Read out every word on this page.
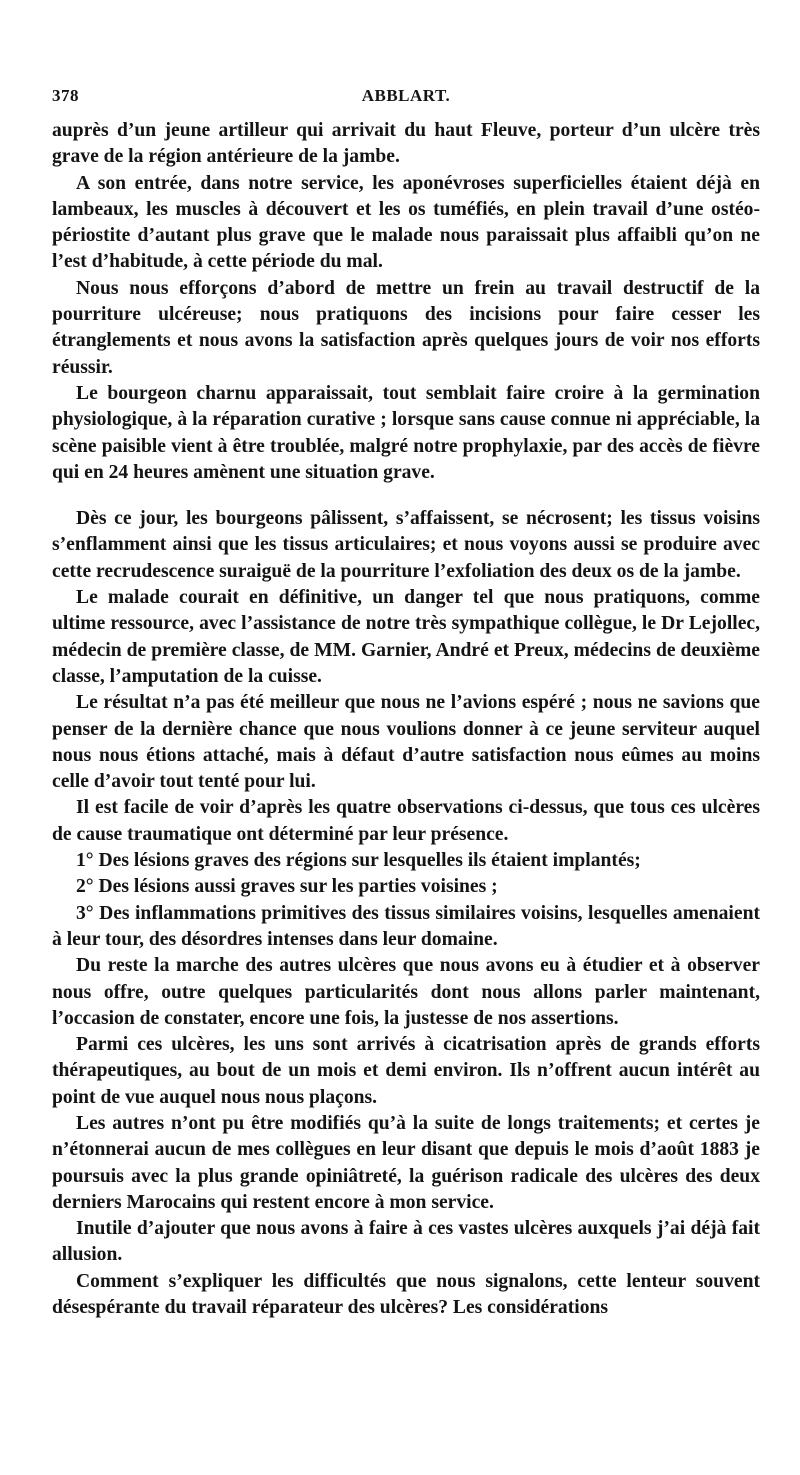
378	ABBLART.

auprès d’un jeune artilleur qui arrivait du haut Fleuve, porteur d’un ulcère très grave de la région antérieure de la jambe.

A son entrée, dans notre service, les aponévroses superficielles étaient déjà en lambeaux, les muscles à découvert et les os tuméfiés, en plein travail d’une ostéo-périostite d’autant plus grave que le malade nous paraissait plus affaibli qu’on ne l’est d’habitude, à cette période du mal.

Nous nous efforçons d’abord de mettre un frein au travail destructif de la pourriture ulcéreuse; nous pratiquons des incisions pour faire cesser les étranglements et nous avons la satisfaction après quelques jours de voir nos efforts réussir.

Le bourgeon charnu apparaissait, tout semblait faire croire à la germination physiologique, à la réparation curative ; lorsque sans cause connue ni appréciable, la scène paisible vient à être troublée, malgré notre prophylaxie, par des accès de fièvre qui en 24 heures amènent une situation grave.

Dès ce jour, les bourgeons pâlissent, s’affaissent, se nécrosent; les tissus voisins s’enflamment ainsi que les tissus articulaires; et nous voyons aussi se produire avec cette recrudescence suraiguë de la pourriture l’exfoliation des deux os de la jambe.

Le malade courait en définitive, un danger tel que nous pratiquons, comme ultime ressource, avec l’assistance de notre très sympathique collègue, le Dr Lejollec, médecin de première classe, de MM. Garnier, André et Preux, médecins de deuxième classe, l’amputation de la cuisse.

Le résultat n’a pas été meilleur que nous ne l’avions espéré ; nous ne savions que penser de la dernière chance que nous voulions donner à ce jeune serviteur auquel nous nous étions attaché, mais à défaut d’autre satisfaction nous eûmes au moins celle d’avoir tout tenté pour lui.

Il est facile de voir d’après les quatre observations ci-dessus, que tous ces ulcères de cause traumatique ont déterminé par leur présence.

1° Des lésions graves des régions sur lesquelles ils étaient implantés;

2° Des lésions aussi graves sur les parties voisines ;

3° Des inflammations primitives des tissus similaires voisins, lesquelles amenaient à leur tour, des désordres intenses dans leur domaine.

Du reste la marche des autres ulcères que nous avons eu à étudier et à observer nous offre, outre quelques particularités dont nous allons parler maintenant, l’occasion de constater, encore une fois, la justesse de nos assertions.

Parmi ces ulcères, les uns sont arrivés à cicatrisation après de grands efforts thérapeutiques, au bout de un mois et demi environ. Ils n’offrent aucun intérêt au point de vue auquel nous nous plaçons.

Les autres n’ont pu être modifiés qu’à la suite de longs traitements; et certes je n’étonnerai aucun de mes collègues en leur disant que depuis le mois d’août 1883 je poursuis avec la plus grande opiniâtreté, la guérison radicale des ulcères des deux derniers Marocains qui restent encore à mon service.

Inutile d’ajouter que nous avons à faire à ces vastes ulcères auxquels j’ai déjà fait allusion.

Comment s’expliquer les difficultés que nous signalons, cette lenteur souvent désespérante du travail réparateur des ulcères? Les considérations
